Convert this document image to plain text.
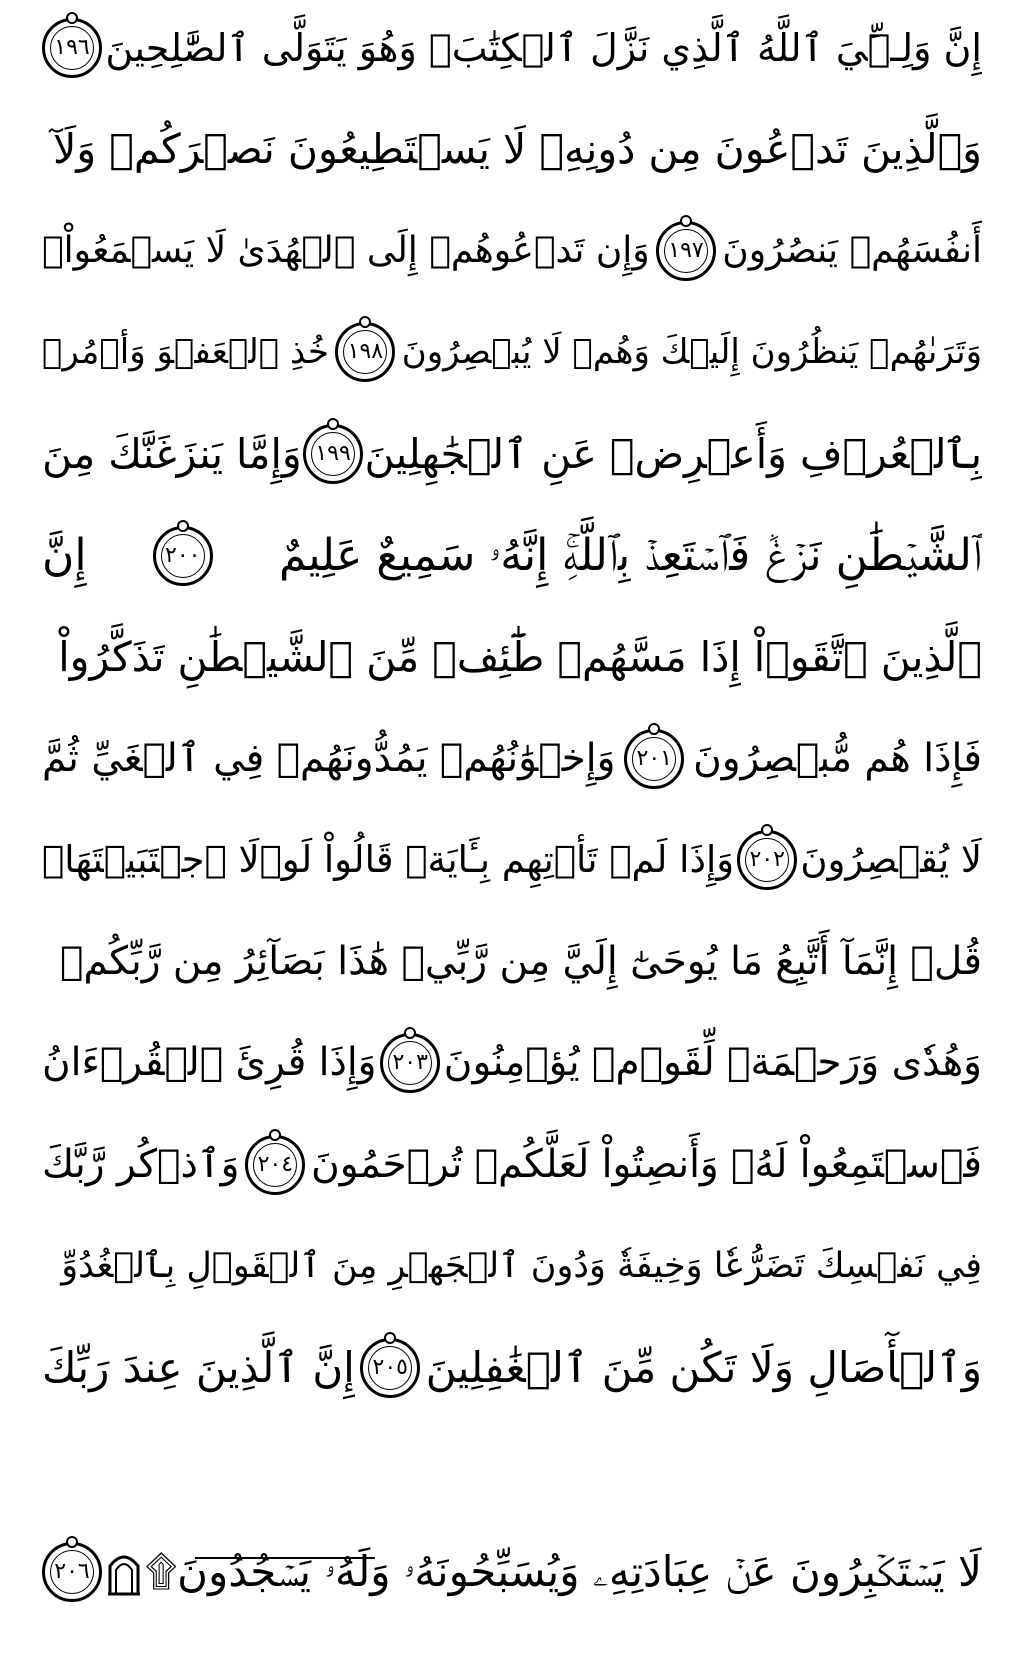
إِنَّ وَلِـِّۧيَ ٱللَّهُ ٱلَّذِي نَزَّلَ ٱلۡكِتَٰبَۖ وَهُوَ يَتَوَلَّى ٱلصَّٰلِحِينَ
١٩٦
وَٱلَّذِينَ تَدۡعُونَ مِن دُونِهِۦ لَا يَسۡتَطِيعُونَ نَصۡرَكُمۡ وَلَآ
أَنفُسَهُمۡ يَنصُرُونَ
١٩٧
وَإِن تَدۡعُوهُمۡ إِلَى ٱلۡهُدَىٰ لَا يَسۡمَعُواْۖ
وَتَرَىٰهُمۡ يَنظُرُونَ إِلَيۡكَ وَهُمۡ لَا يُبۡصِرُونَ
١٩٨
خُذِ ٱلۡعَفۡوَ وَأۡمُرۡ
بِٱلۡعُرۡفِ وَأَعۡرِضۡ عَنِ ٱلۡجَٰهِلِينَ
١٩٩
وَإِمَّا يَنزَغَنَّكَ مِنَ
ٱلشَّيۡطَٰنِ نَزۡغٞ فَٱسۡتَعِذۡ بِٱللَّهِۚ إِنَّهُۥ سَمِيعٌ عَلِيمٌ
٢٠٠
إِنَّ
ٱلَّذِينَ ٱتَّقَوۡاْ إِذَا مَسَّهُمۡ طَٰٓئِفٞ مِّنَ ٱلشَّيۡطَٰنِ تَذَكَّرُواْ
فَإِذَا هُم مُّبۡصِرُونَ
٢٠١
وَإِخۡوَٰنُهُمۡ يَمُدُّونَهُمۡ فِي ٱلۡغَيِّ ثُمَّ
لَا يُقۡصِرُونَ
٢٠٢
وَإِذَا لَمۡ تَأۡتِهِم بِـَٔايَةٖ قَالُواْ لَوۡلَا ٱجۡتَبَيۡتَهَاۚ
قُلۡ إِنَّمَآ أَتَّبِعُ مَا يُوحَىٰٓ إِلَيَّ مِن رَّبِّيۚ هَٰذَا بَصَآئِرُ مِن رَّبِّكُمۡ
وَهُدٗى وَرَحۡمَةٞ لِّقَوۡمٖ يُؤۡمِنُونَ
٢٠٣
وَإِذَا قُرِئَ ٱلۡقُرۡءَانُ
فَٱسۡتَمِعُواْ لَهُۥ وَأَنصِتُواْ لَعَلَّكُمۡ تُرۡحَمُونَ
٢٠٤
وَٱذۡكُر رَّبَّكَ
فِي نَفۡسِكَ تَضَرُّعٗا وَخِيفَةٗ وَدُونَ ٱلۡجَهۡرِ مِنَ ٱلۡقَوۡلِ بِٱلۡغُدُوِّ
وَٱلۡأٓصَالِ وَلَا تَكُن مِّنَ ٱلۡغَٰفِلِينَ
٢٠٥
إِنَّ ٱلَّذِينَ عِندَ رَبِّكَ
لَا يَسۡتَكۡبِرُونَ عَنۡ عِبَادَتِهِۦ وَيُسَبِّحُونَهُۥ وَلَهُۥ يَسۡجُدُونَ۩
٢٠٦
